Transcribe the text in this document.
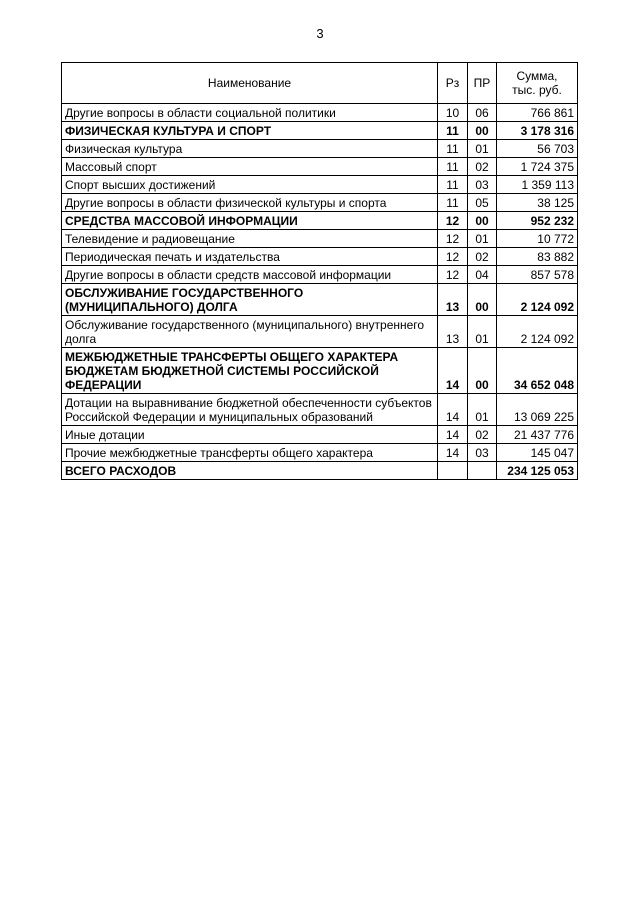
3
Наименование	Рз	ПР	Сумма,
тыс. руб.
Другие вопросы в области социальной политики	10	06	766 861
ФИЗИЧЕСКАЯ КУЛЬТУРА И СПОРТ	11	00	3 178 316
Физическая культура	11	01	56 703
Массовый спорт	11	02	1 724 375
Спорт высших достижений	11	03	1 359 113
Другие вопросы в области физической культуры и спорта	11	05	38 125
СРЕДСТВА МАССОВОЙ ИНФОРМАЦИИ	12	00	952 232
Телевидение и радиовещание	12	01	10 772
Периодическая печать и издательства	12	02	83 882
Другие вопросы в области средств массовой информации	12	04	857 578
ОБСЛУЖИВАНИЕ ГОСУДАРСТВЕННОГО (МУНИЦИПАЛЬНОГО) ДОЛГА	13	00	2 124 092
Обслуживание государственного (муниципального) внутреннего долга	13	01	2 124 092
МЕЖБЮДЖЕТНЫЕ ТРАНСФЕРТЫ ОБЩЕГО ХАРАКТЕРА БЮДЖЕТАМ БЮДЖЕТНОЙ СИСТЕМЫ РОССИЙСКОЙ ФЕДЕРАЦИИ	14	00	34 652 048
Дотации на выравнивание бюджетной обеспеченности субъектов Российской Федерации и муниципальных образований	14	01	13 069 225
Иные дотации	14	02	21 437 776
Прочие межбюджетные трансферты общего характера	14	03	145 047
ВСЕГО РАСХОДОВ			234 125 053
